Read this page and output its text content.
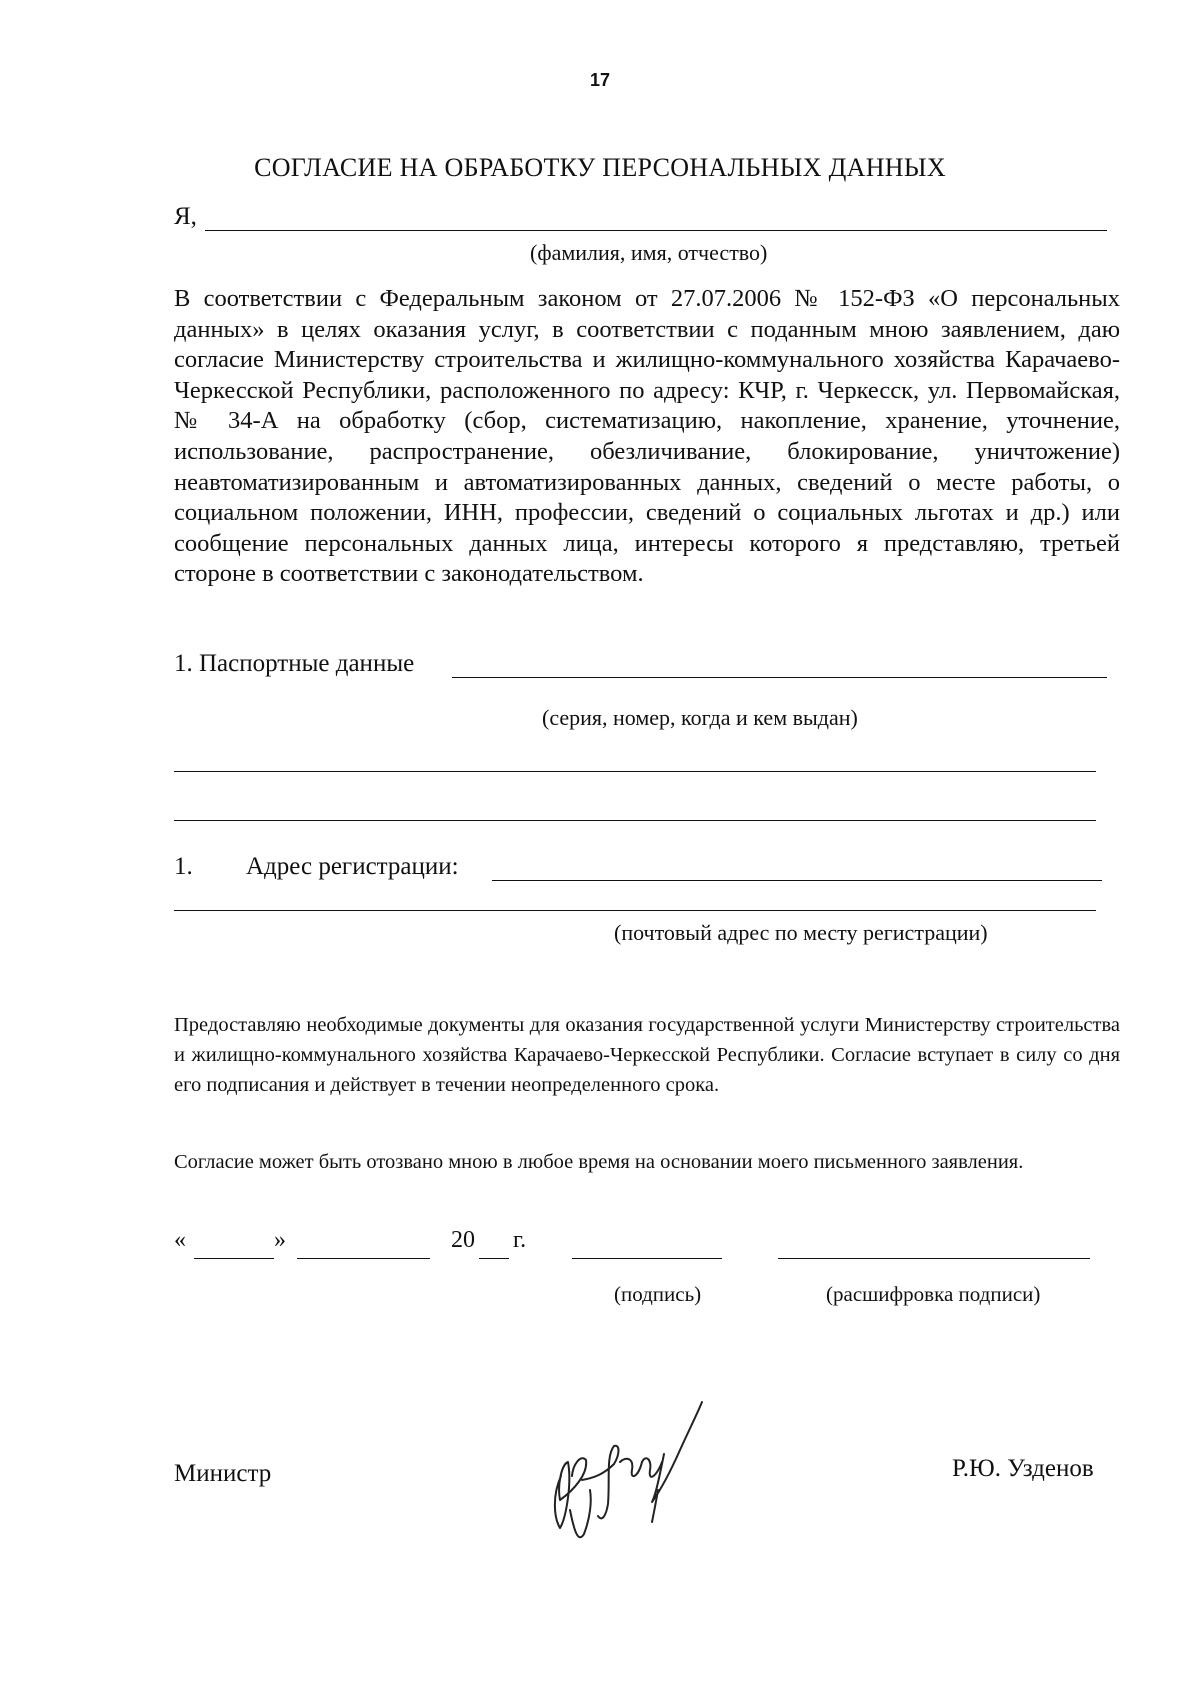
17
СОГЛАСИЕ НА ОБРАБОТКУ ПЕРСОНАЛЬНЫХ ДАННЫХ
Я,
(фамилия, имя, отчество)

В соответствии с Федеральным законом от 27.07.2006 № 152-ФЗ «О персональных данных» в целях оказания услуг, в соответствии с поданным мною заявлением, даю согласие Министерству строительства и жилищно-коммунального хозяйства Карачаево-Черкесской Республики, расположенного по адресу: КЧР, г. Черкесск, ул. Первомайская, № 34-А на обработку (сбор, систематизацию, накопление, хранение, уточнение, использование, распространение, обезличивание, блокирование, уничтожение) неавтоматизированным и автоматизированных данных, сведений о месте работы, о социальном положении, ИНН, профессии, сведений о социальных льготах и др.) или сообщение персональных данных лица, интересы которого я представляю, третьей стороне в соответствии с законодательством.

1. Паспортные данные
(серия, номер, когда и кем выдан)
1. Адрес регистрации:
(почтовый адрес по месту регистрации)

Предоставляю необходимые документы для оказания государственной услуги Министерству строительства и жилищно-коммунального хозяйства Карачаево-Черкесской Республики. Согласие вступает в силу со дня его подписания и действует в течении неопределенного срока.

Согласие может быть отозвано мною в любое время на основании моего письменного заявления.

«	»	20 г.
(подпись)	(расшифровка подписи)
Министр	Р.Ю. Узденов
